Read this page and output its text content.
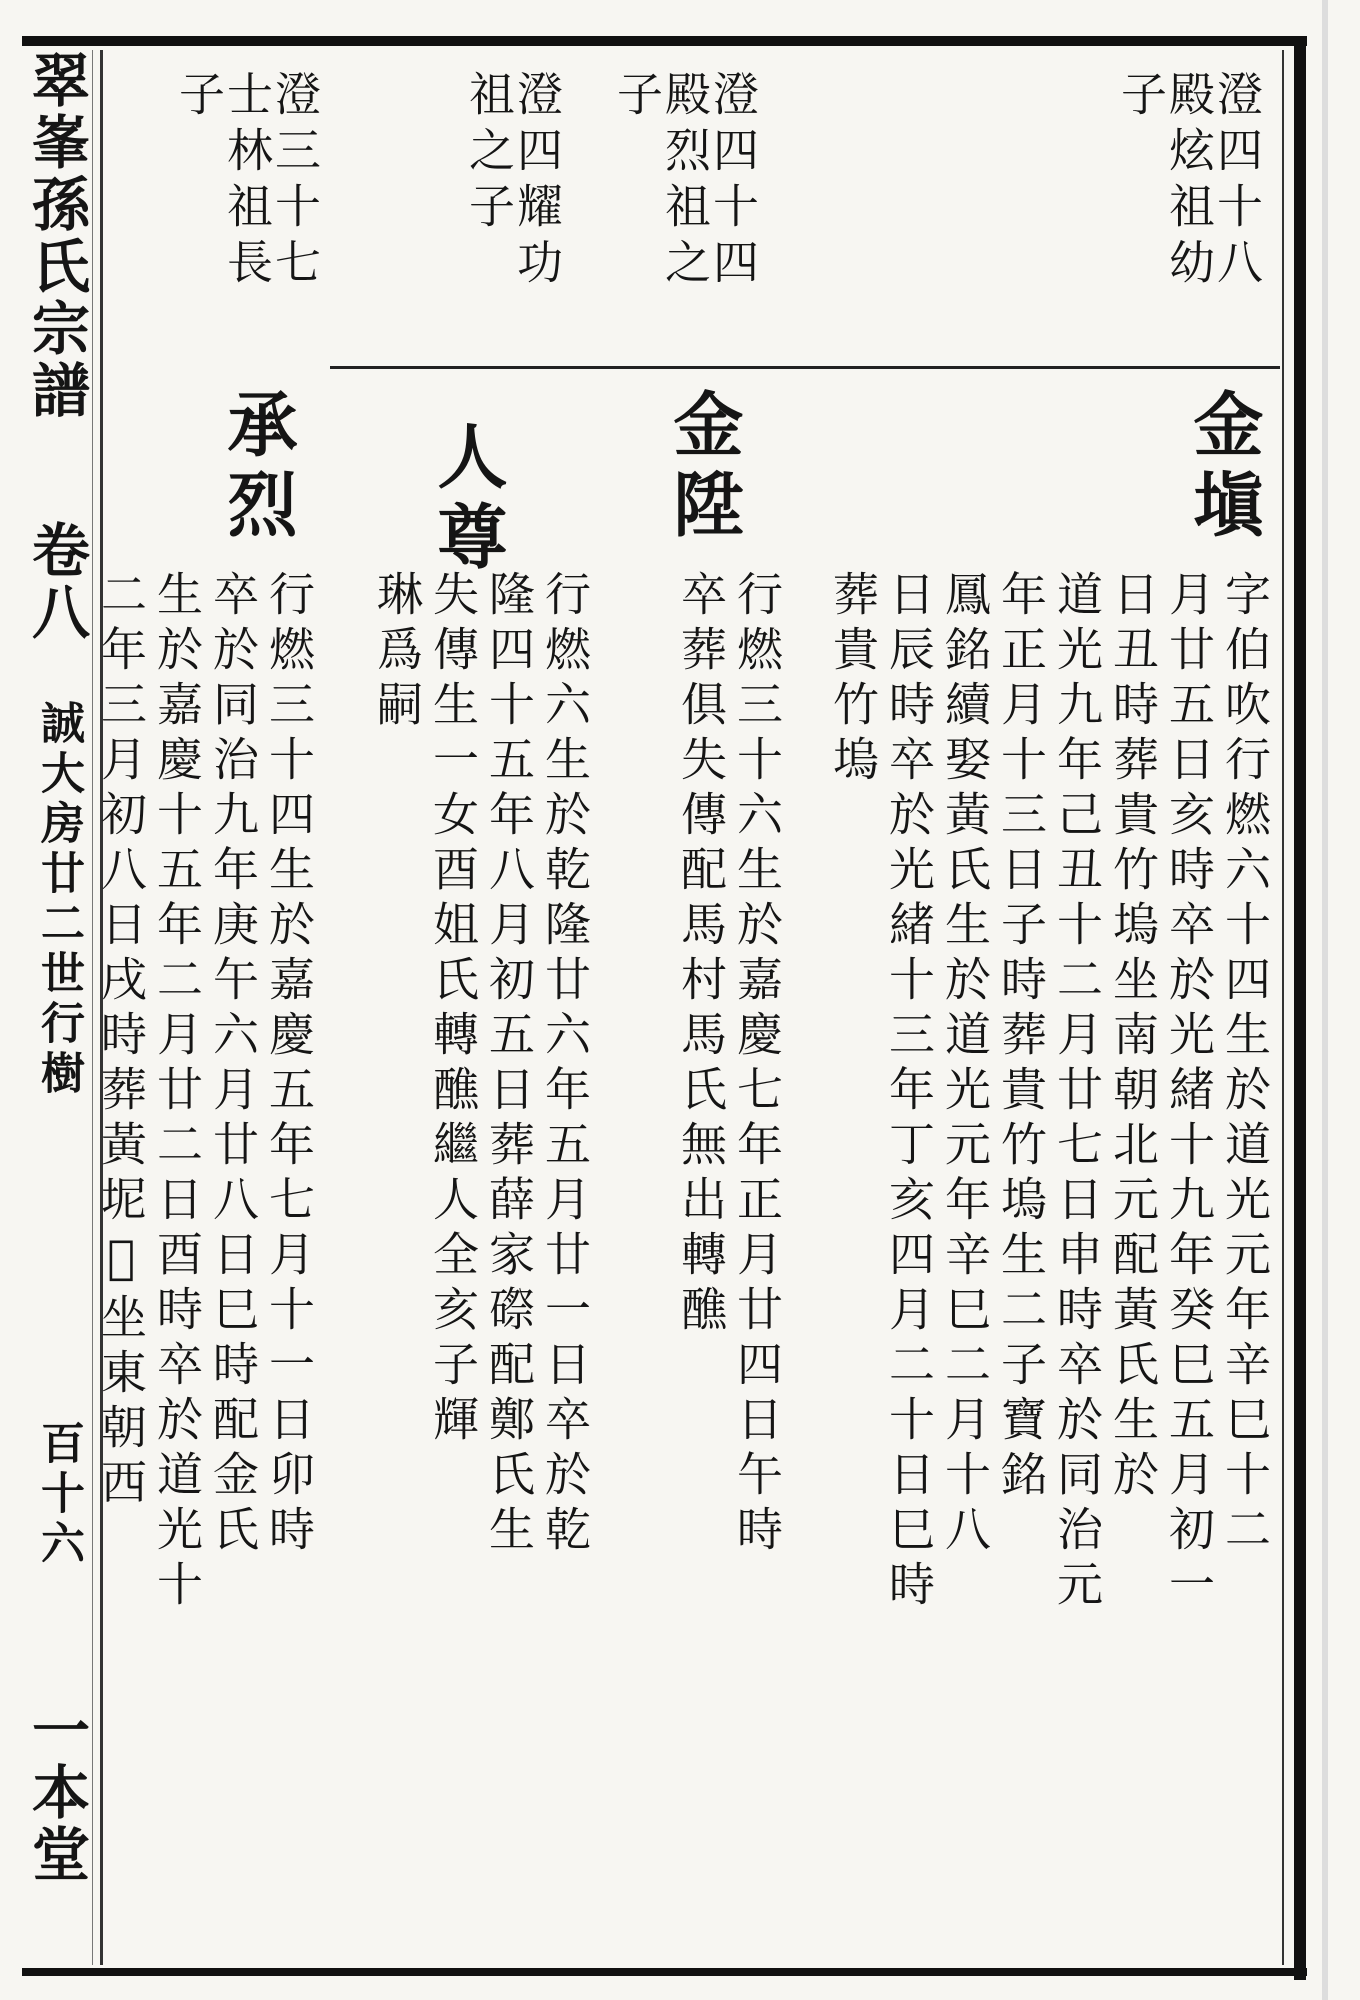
澄四十八
殿炫祖幼
子
澄四十四
殿烈祖之
子
澄四耀功
祖之子
澄三十七
士林祖長
子
金塡
金陞
人尊
承烈
字伯吹行燃六十四生於道光元年辛巳十二
月廿五日亥時卒於光緒十九年癸巳五月初一
日丑時葬貴竹塢坐南朝北元配黃氏生於
道光九年己丑十二月廿七日申時卒於同治元
年正月十三日子時葬貴竹塢生二子寶銘
鳳銘續娶黃氏生於道光元年辛巳二月十八
日辰時卒於光緒十三年丁亥四月二十日巳時
葬貴竹塢
行燃三十六生於嘉慶七年正月廿四日午時
卒葬俱失傳配馬村馬氏無出轉醮
行燃六生於乾隆廿六年五月廿一日卒於乾
隆四十五年八月初五日葬薛家磜配鄭氏生
失傳生一女酉姐氏轉醮繼人全亥子輝
琳爲嗣
行燃三十四生於嘉慶五年七月十一日卯時
卒於同治九年庚午六月廿八日巳時配金氏
生於嘉慶十五年二月廿二日酉時卒於道光十
二年三月初八日戌時葬黃坭𡶖坐東朝西
翠峯孫氏宗譜
卷八
誠大房廿二世行樹
百十六
一本堂
